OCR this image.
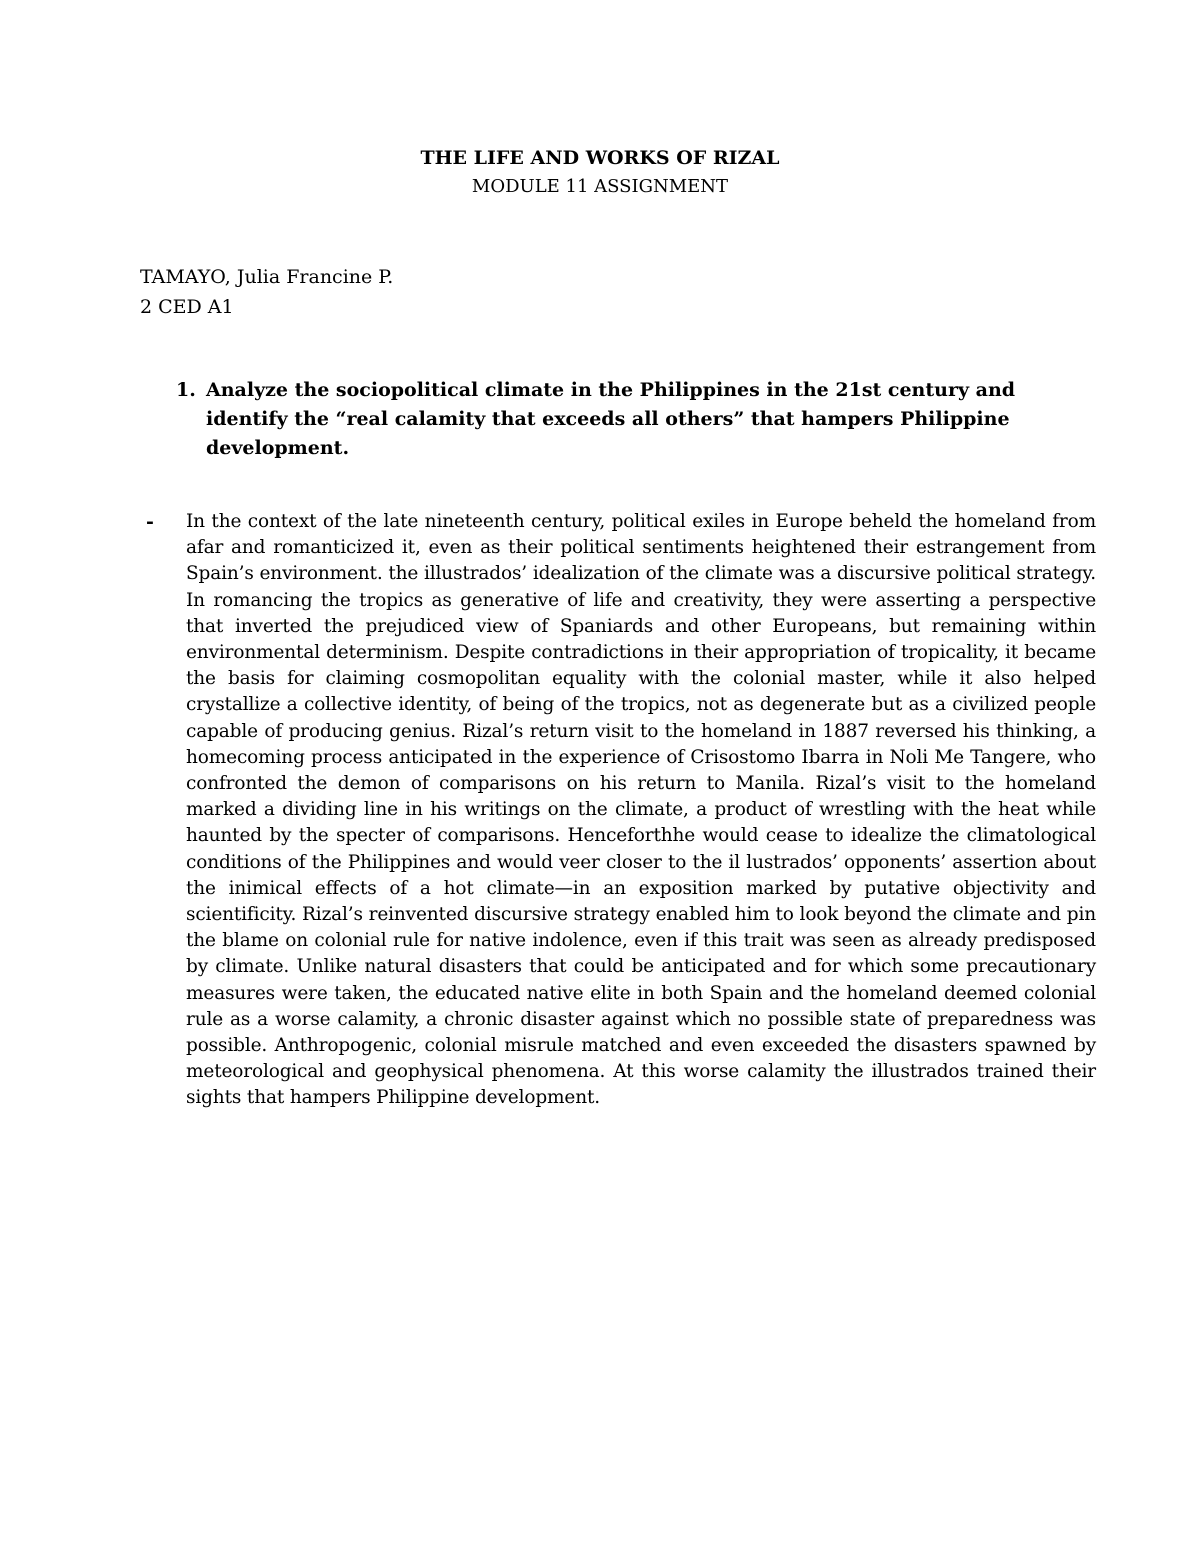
THE LIFE AND WORKS OF RIZAL
MODULE 11 ASSIGNMENT
TAMAYO, Julia Francine P.
2 CED A1
1. Analyze the sociopolitical climate in the Philippines in the 21st century and identify the “real calamity that exceeds all others” that hampers Philippine development.
- In the context of the late nineteenth century, political exiles in Europe beheld the homeland from afar and romanticized it, even as their political sentiments heightened their estrangement from Spain’s environment. the illustrados’ idealization of the climate was a discursive political strategy. In romancing the tropics as generative of life and creativity, they were asserting a perspective that inverted the prejudiced view of Spaniards and other Europeans, but remaining within environmental determinism. Despite contradictions in their appropriation of tropicality, it became the basis for claiming cosmopolitan equality with the colonial master, while it also helped crystallize a collective identity, of being of the tropics, not as degenerate but as a civilized people capable of producing genius. Rizal’s return visit to the homeland in 1887 reversed his thinking, a homecoming process anticipated in the experience of Crisostomo Ibarra in Noli Me Tangere, who confronted the demon of comparisons on his return to Manila. Rizal’s visit to the homeland marked a dividing line in his writings on the climate, a product of wrestling with the heat while haunted by the specter of comparisons. Henceforthhe would cease to idealize the climatological conditions of the Philippines and would veer closer to the il lustrados’ opponents’ assertion about the inimical effects of a hot climate—in an exposition marked by putative objectivity and scientificity. Rizal’s reinvented discursive strategy enabled him to look beyond the climate and pin the blame on colonial rule for native indolence, even if this trait was seen as already predisposed by climate. Unlike natural disasters that could be anticipated and for which some precautionary measures were taken, the educated native elite in both Spain and the homeland deemed colonial rule as a worse calamity, a chronic disaster against which no possible state of preparedness was possible. Anthropogenic, colonial misrule matched and even exceeded the disasters spawned by meteorological and geophysical phenomena. At this worse calamity the illustrados trained their sights that hampers Philippine development.
